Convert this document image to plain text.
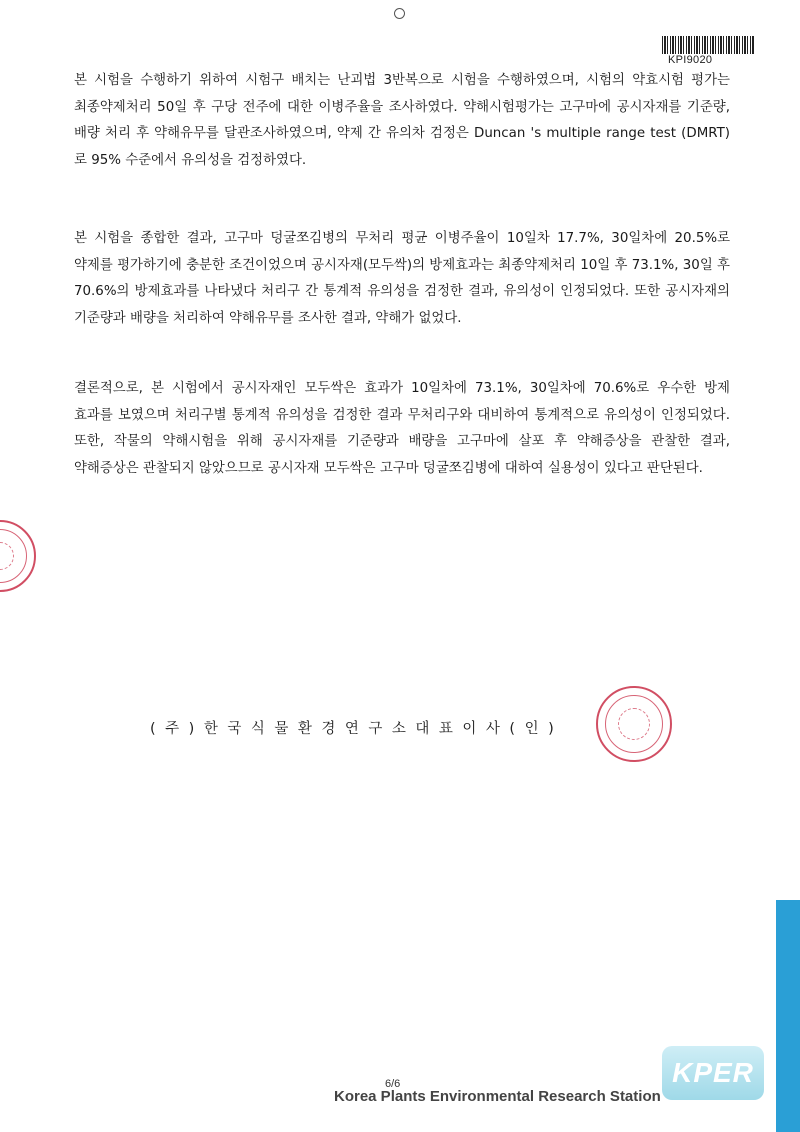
KPI9020

본 시험을 수행하기 위하여 시험구 배치는 난괴법 3반복으로 시험을 수행하였으며, 시험의 약효시험 평가는 최종약제처리 50일 후 구당 전주에 대한 이병주율을 조사하였다. 약해시험평가는 고구마에 공시자재를 기준량, 배량 처리 후 약해유무를 달관조사하였으며, 약제 간 유의차 검정은 Duncan 's multiple range test (DMRT)로 95% 수준에서 유의성을 검정하였다.

본 시험을 종합한 결과, 고구마 덩굴쪼김병의 무처리 평균 이병주율이 10일차 17.7%, 30일차에 20.5%로 약제를 평가하기에 충분한 조건이었으며 공시자재(모두싹)의 방제효과는 최종약제처리 10일 후 73.1%, 30일 후 70.6%의 방제효과를 나타냈다 처리구 간 통계적 유의성을 검정한 결과, 유의성이 인정되었다. 또한 공시자재의 기준량과 배량을 처리하여 약해유무를 조사한 결과, 약해가 없었다.

결론적으로, 본 시험에서 공시자재인 모두싹은 효과가 10일차에 73.1%, 30일차에 70.6%로 우수한 방제 효과를 보였으며 처리구별 통계적 유의성을 검정한 결과 무처리구와 대비하여 통계적으로 유의성이 인정되었다. 또한, 작물의 약해시험을 위해 공시자재를 기준량과 배량을 고구마에 살포 후 약해증상을 관찰한 결과, 약해증상은 관찰되지 않았으므로 공시자재 모두싹은 고구마 덩굴쪼김병에 대하여 실용성이 있다고 판단된다.

(주)한국식물환경연구소대표이사(인)
6/6
Korea Plants Environmental Research Station
KPER
